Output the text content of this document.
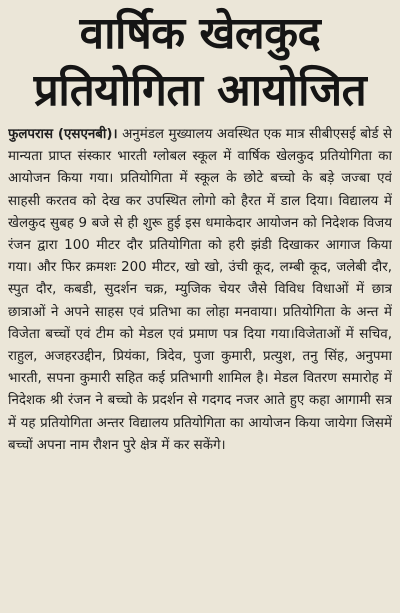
वार्षिक खेलकुद
प्रतियोगिता आयोजित

फुलपरास (एसएनबी)। अनुमंडल मुख्यालय अवस्थित एक मात्र सीबीएसई बोर्ड से मान्यता प्राप्त संस्कार भारती ग्लोबल स्कूल में वार्षिक खेलकुद प्रतियोगिता का आयोजन किया गया। प्रतियोगिता में स्कूल के छोटे बच्चो के बड़े जज्बा एवं साहसी करतव को देख कर उपस्थित लोगो को हैरत में डाल दिया। विद्यालय में खेलकुद सुबह 9 बजे से ही शुरू हुई इस धमाकेदार आयोजन को निदेशक विजय रंजन द्वारा 100 मीटर दौर प्रतियोगिता को हरी झंडी दिखाकर आगाज किया गया। और फिर क्रमशः 200 मीटर, खो खो, उंची कूद, लम्बी कूद, जलेबी दौर, स्पुत दौर, कबडी, सुदर्शन चक्र, म्युजिक चेयर जैसे विविध विधाओं में छात्र छात्राओं ने अपने साहस एवं प्रतिभा का लोहा मनवाया। प्रतियोगिता के अन्त में विजेता बच्चों एवं टीम को मेडल एवं प्रमाण पत्र दिया गया।विजेताओं में सचिव, राहुल, अजहरउद्दीन, प्रियंका, त्रिदेव, पुजा कुमारी, प्रत्युश, तनु सिंह, अनुपमा भारती, सपना कुमारी सहित कई प्रतिभागी शामिल है। मेडल वितरण समारोह में निदेशक श्री रंजन ने बच्चो के प्रदर्शन से गदगद नजर आते हुए कहा आगामी सत्र में यह प्रतियोगिता अन्तर विद्यालय प्रतियोगिता का आयोजन किया जायेगा जिसमें बच्चों अपना नाम रौशन पुरे क्षेत्र में कर सकेंगे।
